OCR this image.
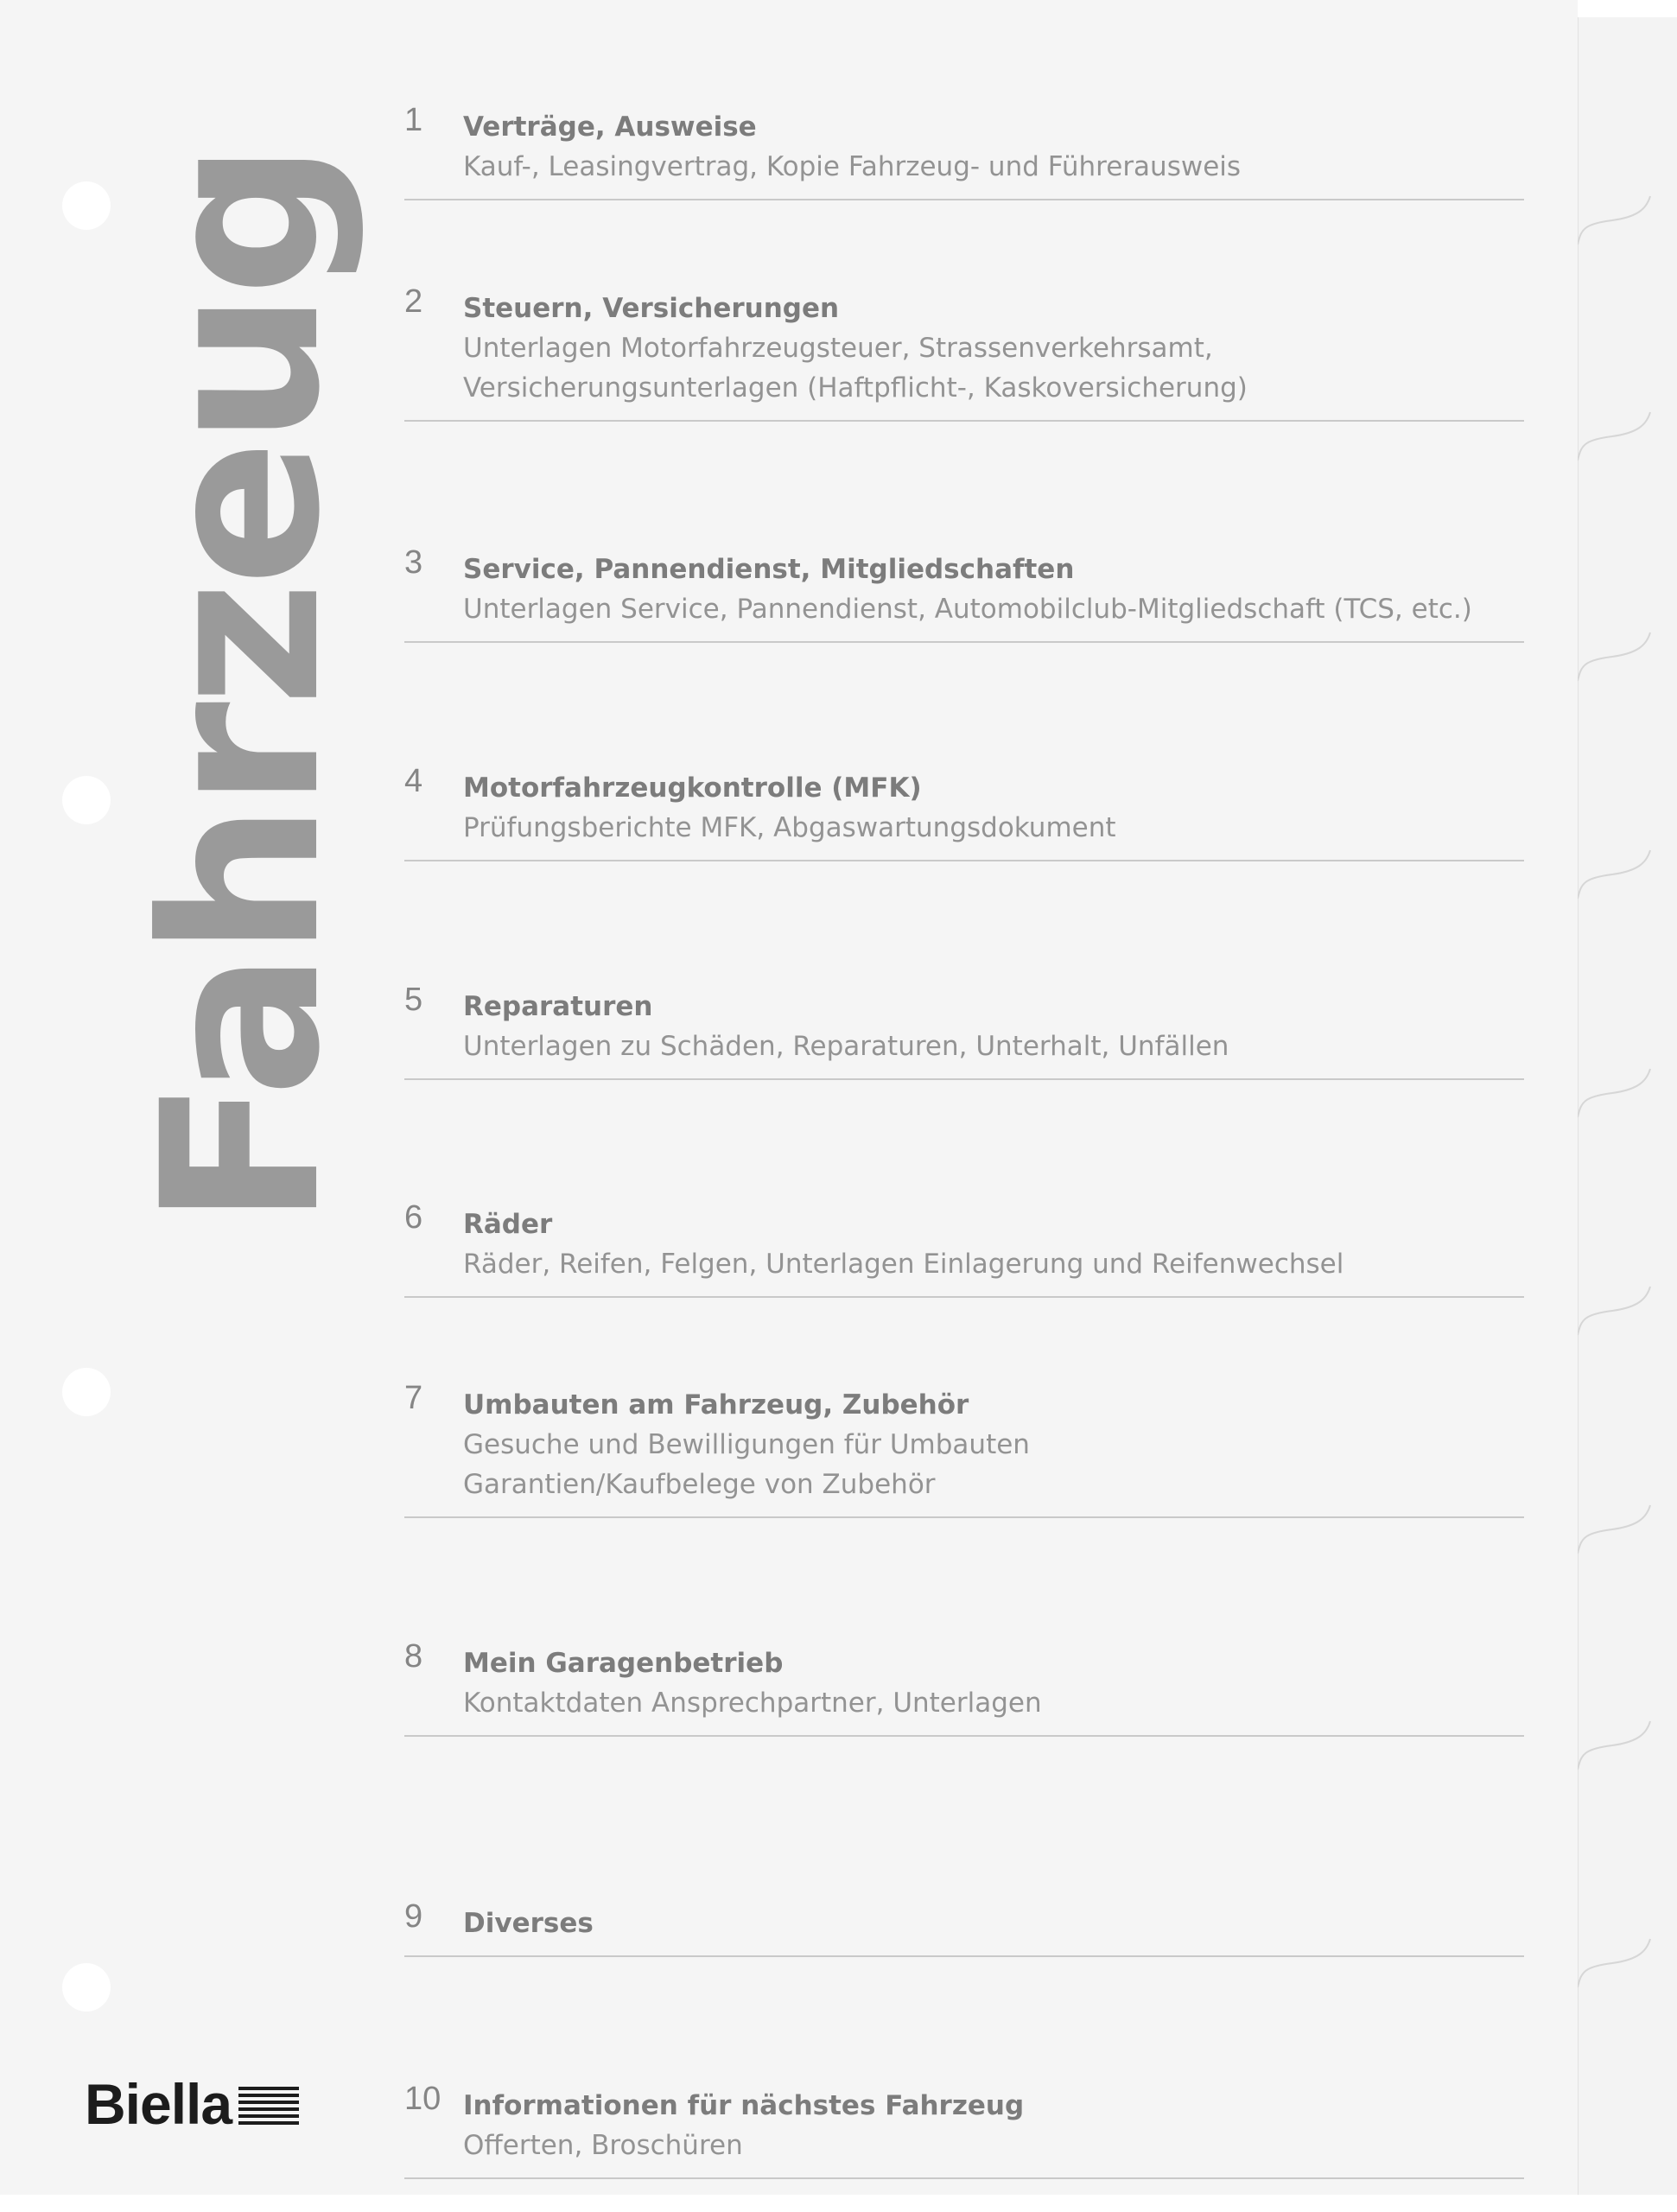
Fahrzeug
1	Verträge, Ausweise
Kauf-, Leasingvertrag, Kopie Fahrzeug- und Führerausweis
2	Steuern, Versicherungen
Unterlagen Motorfahrzeugsteuer, Strassenverkehrsamt,
Versicherungsunterlagen (Haftpflicht-, Kaskoversicherung)
3	Service, Pannendienst, Mitgliedschaften
Unterlagen Service, Pannendienst, Automobilclub-Mitgliedschaft (TCS, etc.)
4	Motorfahrzeugkontrolle (MFK)
Prüfungsberichte MFK, Abgaswartungsdokument
5	Reparaturen
Unterlagen zu Schäden, Reparaturen, Unterhalt, Unfällen
6	Räder
Räder, Reifen, Felgen, Unterlagen Einlagerung und Reifenwechsel
7	Umbauten am Fahrzeug, Zubehör
Gesuche und Bewilligungen für Umbauten
Garantien/Kaufbelege von Zubehör
8	Mein Garagenbetrieb
Kontaktdaten Ansprechpartner, Unterlagen
9	Diverses
10 Informationen für nächstes Fahrzeug
Offerten, Broschüren
Biella
